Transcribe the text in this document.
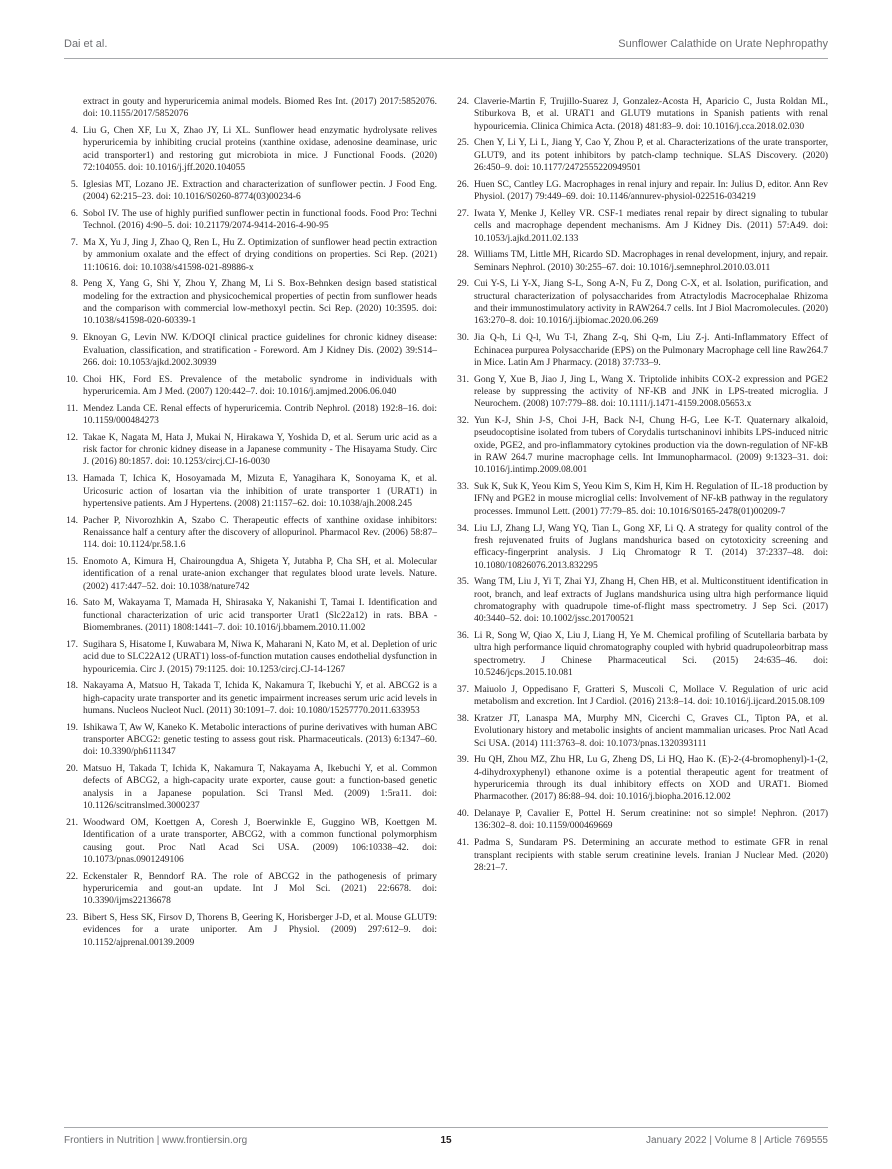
Dai et al.	Sunflower Calathide on Urate Nephropathy
extract in gouty and hyperuricemia animal models. Biomed Res Int. (2017) 2017:5852076. doi: 10.1155/2017/5852076
4. Liu G, Chen XF, Lu X, Zhao JY, Li XL. Sunflower head enzymatic hydrolysate relives hyperuricemia by inhibiting crucial proteins (xanthine oxidase, adenosine deaminase, uric acid transporter1) and restoring gut microbiota in mice. J Functional Foods. (2020) 72:104055. doi: 10.1016/j.jff.2020.104055
5. Iglesias MT, Lozano JE. Extraction and characterization of sunflower pectin. J Food Eng. (2004) 62:215–23. doi: 10.1016/S0260-8774(03)00234-6
6. Sobol IV. The use of highly purified sunflower pectin in functional foods. Food Pro: Techni Technol. (2016) 4:90–5. doi: 10.21179/2074-9414-2016-4-90-95
7. Ma X, Yu J, Jing J, Zhao Q, Ren L, Hu Z. Optimization of sunflower head pectin extraction by ammonium oxalate and the effect of drying conditions on properties. Sci Rep. (2021) 11:10616. doi: 10.1038/s41598-021-89886-x
8. Peng X, Yang G, Shi Y, Zhou Y, Zhang M, Li S. Box-Behnken design based statistical modeling for the extraction and physicochemical properties of pectin from sunflower heads and the comparison with commercial low-methoxyl pectin. Sci Rep. (2020) 10:3595. doi: 10.1038/s41598-020-60339-1
9. Eknoyan G, Levin NW. K/DOQI clinical practice guidelines for chronic kidney disease: Evaluation, classification, and stratification - Foreword. Am J Kidney Dis. (2002) 39:S14–266. doi: 10.1053/ajkd.2002.30939
10. Choi HK, Ford ES. Prevalence of the metabolic syndrome in individuals with hyperuricemia. Am J Med. (2007) 120:442–7. doi: 10.1016/j.amjmed.2006.06.040
11. Mendez Landa CE. Renal effects of hyperuricemia. Contrib Nephrol. (2018) 192:8–16. doi: 10.1159/000484273
12. Takae K, Nagata M, Hata J, Mukai N, Hirakawa Y, Yoshida D, et al. Serum uric acid as a risk factor for chronic kidney disease in a Japanese community - The Hisayama Study. Circ J. (2016) 80:1857. doi: 10.1253/circj.CJ-16-0030
13. Hamada T, Ichica K, Hosoyamada M, Mizuta E, Yanagihara K, Sonoyama K, et al. Uricosuric action of losartan via the inhibition of urate transporter 1 (URAT1) in hypertensive patients. Am J Hypertens. (2008) 21:1157–62. doi: 10.1038/ajh.2008.245
14. Pacher P, Nivorozhkin A, Szabo C. Therapeutic effects of xanthine oxidase inhibitors: Renaissance half a century after the discovery of allopurinol. Pharmacol Rev. (2006) 58:87–114. doi: 10.1124/pr.58.1.6
15. Enomoto A, Kimura H, Chairoungdua A, Shigeta Y, Jutabha P, Cha SH, et al. Molecular identification of a renal urate-anion exchanger that regulates blood urate levels. Nature. (2002) 417:447–52. doi: 10.1038/nature742
16. Sato M, Wakayama T, Mamada H, Shirasaka Y, Nakanishi T, Tamai I. Identification and functional characterization of uric acid transporter Urat1 (Slc22a12) in rats. BBA - Biomembranes. (2011) 1808:1441–7. doi: 10.1016/j.bbamem.2010.11.002
17. Sugihara S, Hisatome I, Kuwabara M, Niwa K, Maharani N, Kato M, et al. Depletion of uric acid due to SLC22A12 (URAT1) loss-of-function mutation causes endothelial dysfunction in hypouricemia. Circ J. (2015) 79:1125. doi: 10.1253/circj.CJ-14-1267
18. Nakayama A, Matsuo H, Takada T, Ichida K, Nakamura T, Ikebuchi Y, et al. ABCG2 is a high-capacity urate transporter and its genetic impairment increases serum uric acid levels in humans. Nucleos Nucleot Nucl. (2011) 30:1091–7. doi: 10.1080/15257770.2011.633953
19. Ishikawa T, Aw W, Kaneko K. Metabolic interactions of purine derivatives with human ABC transporter ABCG2: genetic testing to assess gout risk. Pharmaceuticals. (2013) 6:1347–60. doi: 10.3390/ph6111347
20. Matsuo H, Takada T, Ichida K, Nakamura T, Nakayama A, Ikebuchi Y, et al. Common defects of ABCG2, a high-capacity urate exporter, cause gout: a function-based genetic analysis in a Japanese population. Sci Transl Med. (2009) 1:5ra11. doi: 10.1126/scitranslmed.3000237
21. Woodward OM, Koettgen A, Coresh J, Boerwinkle E, Guggino WB, Koettgen M. Identification of a urate transporter, ABCG2, with a common functional polymorphism causing gout. Proc Natl Acad Sci USA. (2009) 106:10338–42. doi: 10.1073/pnas.0901249106
22. Eckenstaler R, Benndorf RA. The role of ABCG2 in the pathogenesis of primary hyperuricemia and gout-an update. Int J Mol Sci. (2021) 22:6678. doi: 10.3390/ijms22136678
23. Bibert S, Hess SK, Firsov D, Thorens B, Geering K, Horisberger J-D, et al. Mouse GLUT9: evidences for a urate uniporter. Am J Physiol. (2009) 297:612–9. doi: 10.1152/ajprenal.00139.2009
24. Claverie-Martin F, Trujillo-Suarez J, Gonzalez-Acosta H, Aparicio C, Justa Roldan ML, Stiburkova B, et al. URAT1 and GLUT9 mutations in Spanish patients with renal hypouricemia. Clinica Chimica Acta. (2018) 481:83–9. doi: 10.1016/j.cca.2018.02.030
25. Chen Y, Li Y, Li L, Jiang Y, Cao Y, Zhou P, et al. Characterizations of the urate transporter, GLUT9, and its potent inhibitors by patch-clamp technique. SLAS Discovery. (2020) 26:450–9. doi: 10.1177/2472555220949501
26. Huen SC, Cantley LG. Macrophages in renal injury and repair. In: Julius D, editor. Ann Rev Physiol. (2017) 79:449–69. doi: 10.1146/annurev-physiol-022516-034219
27. Iwata Y, Menke J, Kelley VR. CSF-1 mediates renal repair by direct signaling to tubular cells and macrophage dependent mechanisms. Am J Kidney Dis. (2011) 57:A49. doi: 10.1053/j.ajkd.2011.02.133
28. Williams TM, Little MH, Ricardo SD. Macrophages in renal development, injury, and repair. Seminars Nephrol. (2010) 30:255–67. doi: 10.1016/j.semnephrol.2010.03.011
29. Cui Y-S, Li Y-X, Jiang S-L, Song A-N, Fu Z, Dong C-X, et al. Isolation, purification, and structural characterization of polysaccharides from Atractylodis Macrocephalae Rhizoma and their immunostimulatory activity in RAW264.7 cells. Int J Biol Macromolecules. (2020) 163:270–8. doi: 10.1016/j.ijbiomac.2020.06.269
30. Jia Q-h, Li Q-l, Wu T-l, Zhang Z-q, Shi Q-m, Liu Z-j. Anti-Inflammatory Effect of Echinacea purpurea Polysaccharide (EPS) on the Pulmonary Macrophage cell line Raw264.7 in Mice. Latin Am J Pharmacy. (2018) 37:733–9.
31. Gong Y, Xue B, Jiao J, Jing L, Wang X. Triptolide inhibits COX-2 expression and PGE2 release by suppressing the activity of NF-KB and JNK in LPS-treated microglia. J Neurochem. (2008) 107:779–88. doi: 10.1111/j.1471-4159.2008.05653.x
32. Yun K-J, Shin J-S, Choi J-H, Back N-I, Chung H-G, Lee K-T. Quaternary alkaloid, pseudocoptisine isolated from tubers of Corydalis turtschaninovi inhibits LPS-induced nitric oxide, PGE2, and pro-inflammatory cytokines production via the down-regulation of NF-kB in RAW 264.7 murine macrophage cells. Int Immunopharmacol. (2009) 9:1323–31. doi: 10.1016/j.intimp.2009.08.001
33. Suk K, Suk K, Yeou Kim S, Yeou Kim S, Kim H, Kim H. Regulation of IL-18 production by IFNγ and PGE2 in mouse microglial cells: Involvement of NF-kB pathway in the regulatory processes. Immunol Lett. (2001) 77:79–85. doi: 10.1016/S0165-2478(01)00209-7
34. Liu LJ, Zhang LJ, Wang YQ, Tian L, Gong XF, Li Q. A strategy for quality control of the fresh rejuvenated fruits of Juglans mandshurica based on cytotoxicity screening and efficacy-fingerprint analysis. J Liq Chromatogr R T. (2014) 37:2337–48. doi: 10.1080/10826076.2013.832295
35. Wang TM, Liu J, Yi T, Zhai YJ, Zhang H, Chen HB, et al. Multiconstituent identification in root, branch, and leaf extracts of Juglans mandshurica using ultra high performance liquid chromatography with quadrupole time-of-flight mass spectrometry. J Sep Sci. (2017) 40:3440–52. doi: 10.1002/jssc.201700521
36. Li R, Song W, Qiao X, Liu J, Liang H, Ye M. Chemical profiling of Scutellaria barbata by ultra high performance liquid chromatography coupled with hybrid quadrupoleorbitrap mass spectrometry. J Chinese Pharmaceutical Sci. (2015) 24:635–46. doi: 10.5246/jcps.2015.10.081
37. Maiuolo J, Oppedisano F, Gratteri S, Muscoli C, Mollace V. Regulation of uric acid metabolism and excretion. Int J Cardiol. (2016) 213:8–14. doi: 10.1016/j.ijcard.2015.08.109
38. Kratzer JT, Lanaspa MA, Murphy MN, Cicerchi C, Graves CL, Tipton PA, et al. Evolutionary history and metabolic insights of ancient mammalian uricases. Proc Natl Acad Sci USA. (2014) 111:3763–8. doi: 10.1073/pnas.1320393111
39. Hu QH, Zhou MZ, Zhu HR, Lu G, Zheng DS, Li HQ, Hao K. (E)-2-(4-bromophenyl)-1-(2, 4-dihydroxyphenyl) ethanone oxime is a potential therapeutic agent for treatment of hyperuricemia through its dual inhibitory effects on XOD and URAT1. Biomed Pharmacother. (2017) 86:88–94. doi: 10.1016/j.biopha.2016.12.002
40. Delanaye P, Cavalier E, Pottel H. Serum creatinine: not so simple! Nephron. (2017) 136:302–8. doi: 10.1159/000469669
41. Padma S, Sundaram PS. Determining an accurate method to estimate GFR in renal transplant recipients with stable serum creatinine levels. Iranian J Nuclear Med. (2020) 28:21–7.
Frontiers in Nutrition | www.frontiersin.org	15	January 2022 | Volume 8 | Article 769555
